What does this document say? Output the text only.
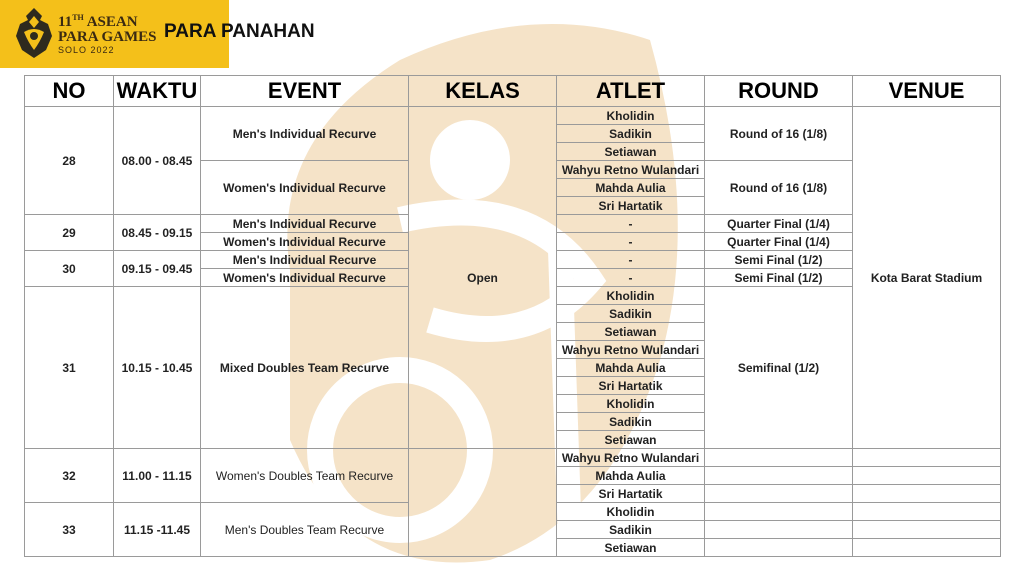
11TH ASEAN
PARA GAMES
SOLO 2022
PARA PANAHAN
NO	WAKTU	EVENT	KELAS	ATLET	ROUND	VENUE
28	08.00 - 08.45	Men's Individual Recurve	Open	Kholidin	Round of 16 (1/8)	Kota Barat Stadium
				Sadikin		
				Setiawan		
		Women's Individual Recurve		Wahyu Retno Wulandari	Round of 16 (1/8)	
				Mahda Aulia		
				Sri Hartatik		
29	08.45 - 09.15	Men's Individual Recurve		-	Quarter Final (1/4)	
		Women's Individual Recurve		-	Quarter Final (1/4)	
30	09.15 - 09.45	Men's Individual Recurve		-	Semi Final (1/2)	
		Women's Individual Recurve		-	Semi Final (1/2)	
31	10.15 - 10.45	Mixed Doubles Team Recurve		Kholidin	Semifinal (1/2)	
				Sadikin		
				Setiawan		
				Wahyu Retno Wulandari		
				Mahda Aulia		
				Sri Hartatik		
				Kholidin		
				Sadikin		
				Setiawan		
32	11.00 - 11.15	Women's Doubles Team Recurve		Wahyu Retno Wulandari		
				Mahda Aulia		
				Sri Hartatik		
33	11.15 -11.45	Men's Doubles Team Recurve		Kholidin		
				Sadikin		
				Setiawan		
